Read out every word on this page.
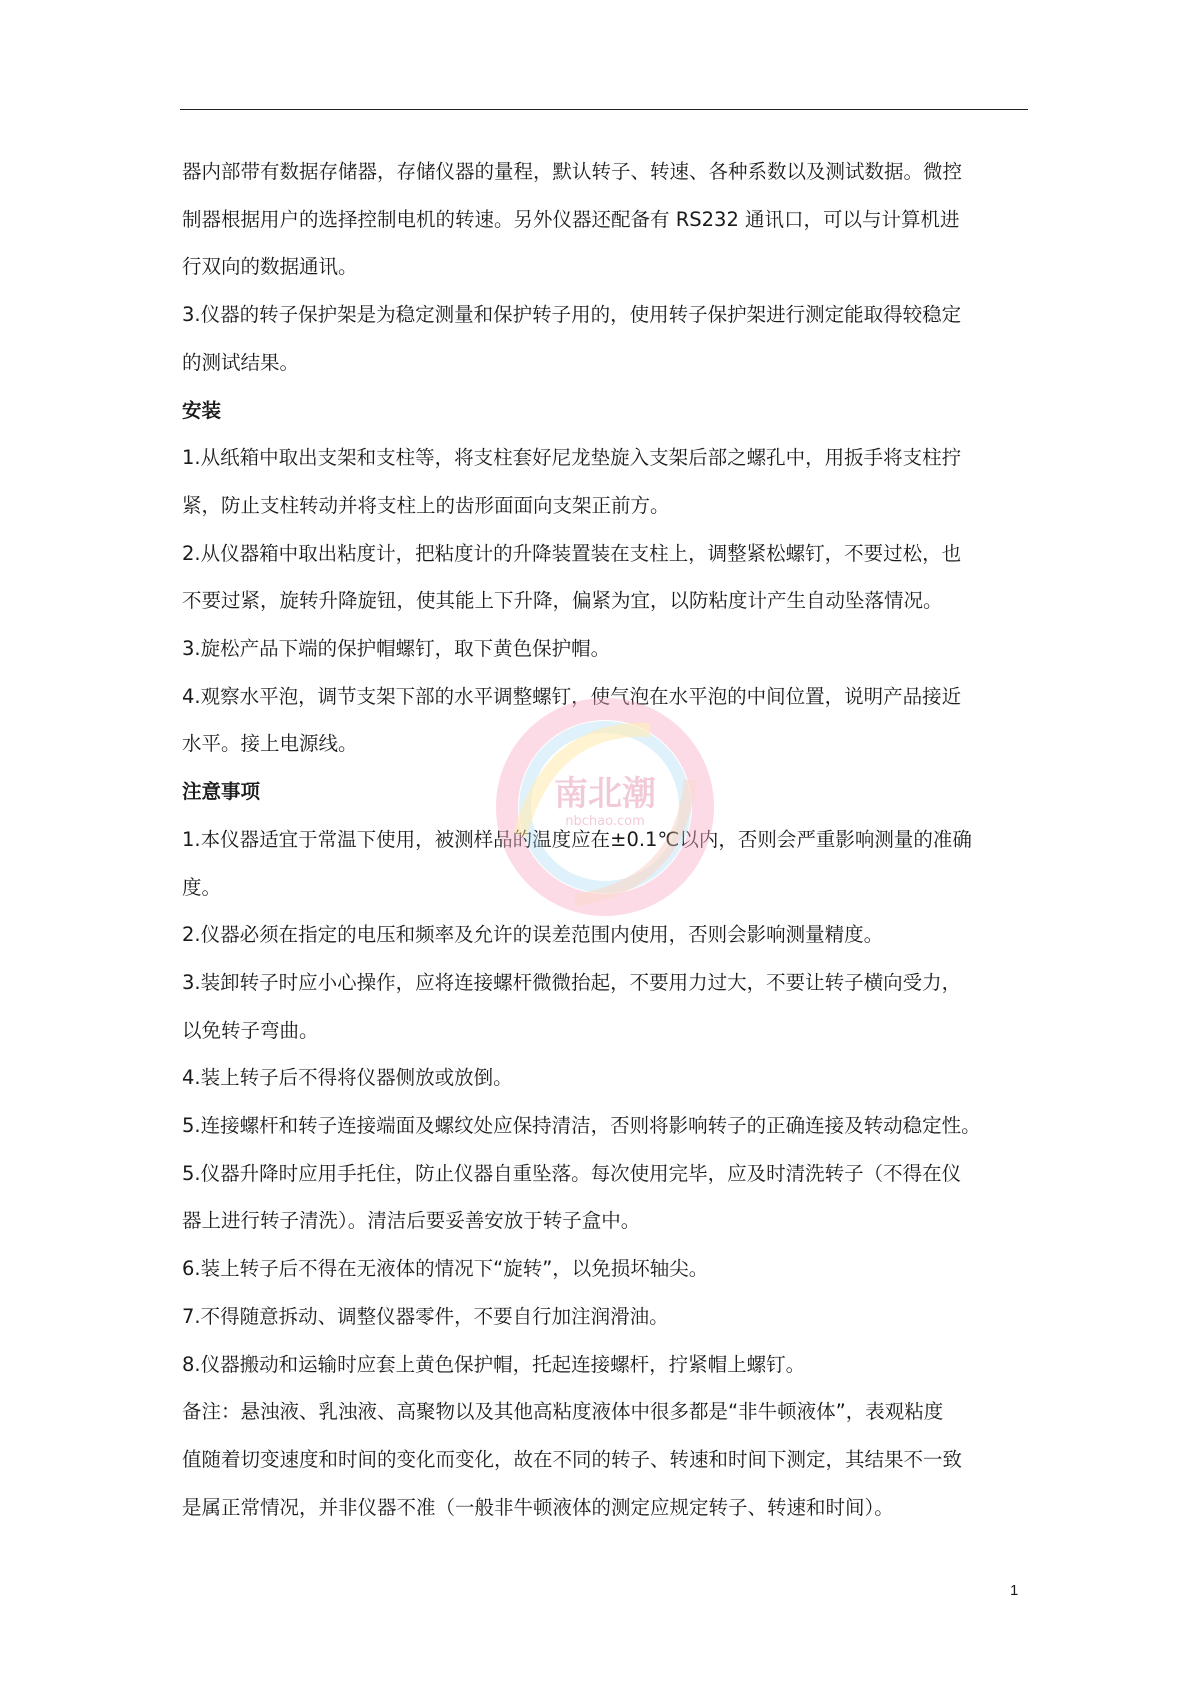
器内部带有数据存储器，存储仪器的量程，默认转子、转速、各种系数以及测试数据。微控
制器根据用户的选择控制电机的转速。另外仪器还配备有 RS232 通讯口，可以与计算机进
行双向的数据通讯。
3.仪器的转子保护架是为稳定测量和保护转子用的，使用转子保护架进行测定能取得较稳定
的测试结果。
安装
1.从纸箱中取出支架和支柱等，将支柱套好尼龙垫旋入支架后部之螺孔中，用扳手将支柱拧
紧，防止支柱转动并将支柱上的齿形面面向支架正前方。
2.从仪器箱中取出粘度计，把粘度计的升降装置装在支柱上，调整紧松螺钉，不要过松，也
不要过紧，旋转升降旋钮，使其能上下升降，偏紧为宜，以防粘度计产生自动坠落情况。
3.旋松产品下端的保护帽螺钉，取下黄色保护帽。
4.观察水平泡，调节支架下部的水平调整螺钉，使气泡在水平泡的中间位置，说明产品接近
水平。接上电源线。
注意事项
1.本仪器适宜于常温下使用，被测样品的温度应在±0.1℃以内，否则会严重影响测量的准确
度。
2.仪器必须在指定的电压和频率及允许的误差范围内使用，否则会影响测量精度。
3.装卸转子时应小心操作，应将连接螺杆微微抬起，不要用力过大，不要让转子横向受力，
以免转子弯曲。
4.装上转子后不得将仪器侧放或放倒。
5.连接螺杆和转子连接端面及螺纹处应保持清洁，否则将影响转子的正确连接及转动稳定性。
5.仪器升降时应用手托住，防止仪器自重坠落。每次使用完毕，应及时清洗转子（不得在仪
器上进行转子清洗）。清洁后要妥善安放于转子盒中。
6.装上转子后不得在无液体的情况下“旋转”，以免损坏轴尖。
7.不得随意拆动、调整仪器零件，不要自行加注润滑油。
8.仪器搬动和运输时应套上黄色保护帽，托起连接螺杆，拧紧帽上螺钉。
备注：悬浊液、乳浊液、高聚物以及其他高粘度液体中很多都是“非牛顿液体”，表观粘度
值随着切变速度和时间的变化而变化，故在不同的转子、转速和时间下测定，其结果不一致
是属正常情况，并非仪器不准（一般非牛顿液体的测定应规定转子、转速和时间）。
南北潮
nbchao.com
1
